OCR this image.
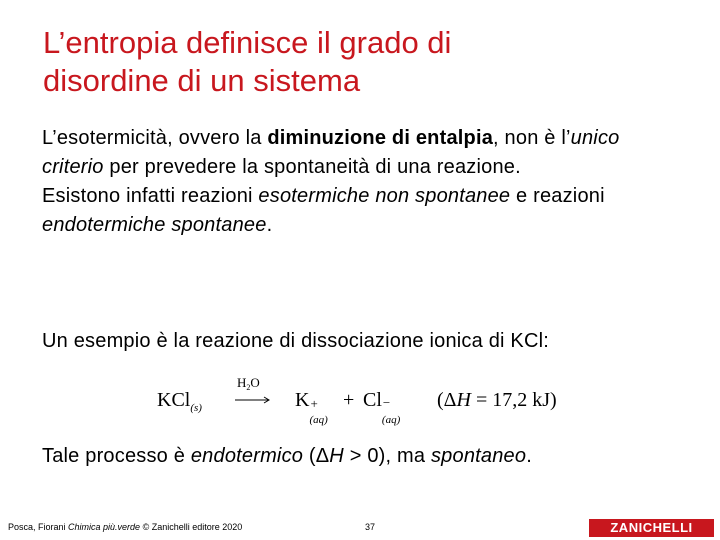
L’entropia definisce il grado di
disordine di un sistema
L’esotermicità, ovvero la diminuzione di entalpia, non è l’unico criterio per prevedere la spontaneità di una reazione.
Esistono infatti reazioni esotermiche non spontanee e reazioni endotermiche spontanee.
Un esempio è la reazione di dissociazione ionica di KCl:
KCl$_{(s)}$
$H_2O$
K +
(aq)
+ Cl −
(aq)
(ΔH = 17,2 kJ)
Tale processo è endotermico (ΔH > 0), ma spontaneo.
Posca, Fiorani Chimica più.verde © Zanichelli editore 2020	37	ZANICHELLI
